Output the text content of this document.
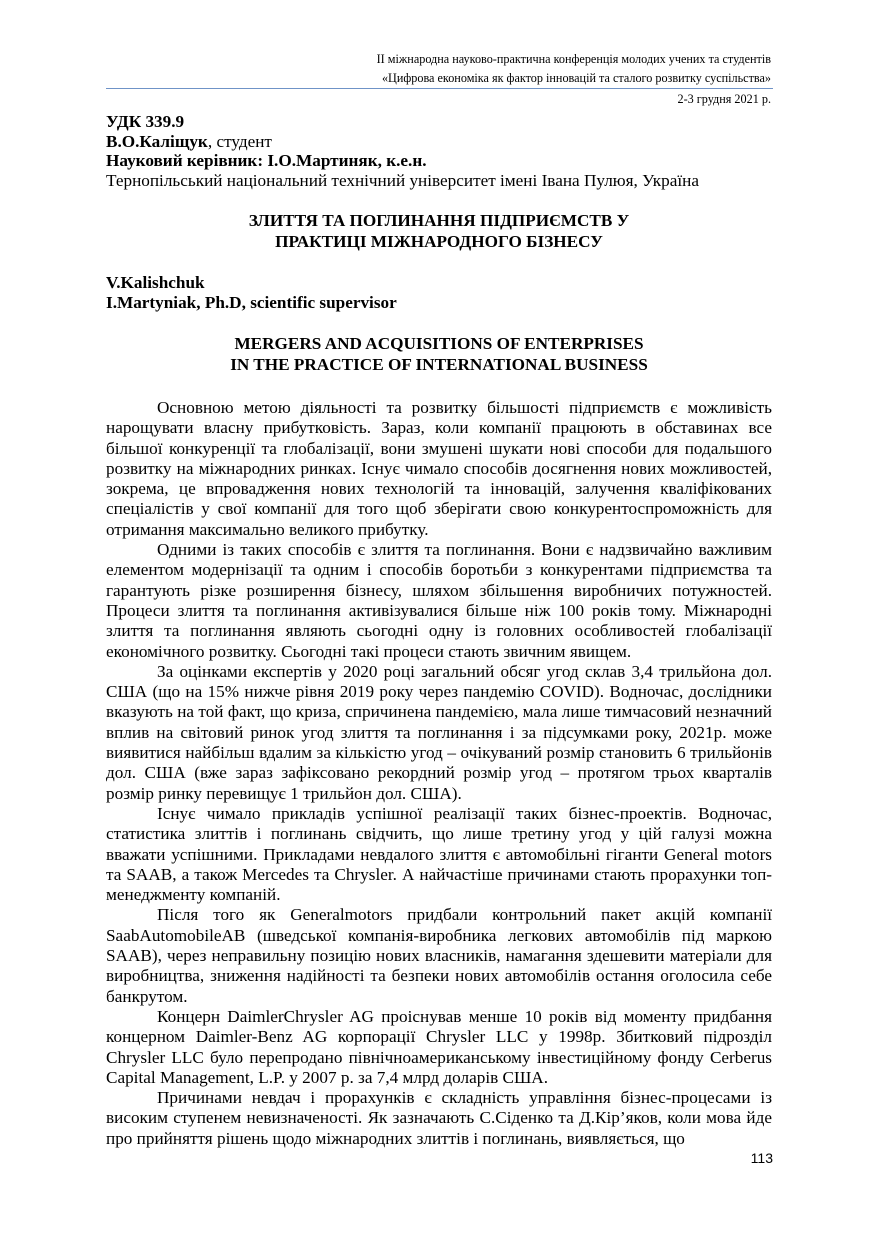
ІІ міжнародна науково-практична конференція молодих учених та студентів
«Цифрова економіка як фактор інновацій та сталого розвитку суспільства»
2-3 грудня 2021 р.
УДК 339.9
В.О.Каліщук, студент
Науковий керівник: І.О.Мартиняк, к.е.н.
Тернопільський національний технічний університет імені Івана Пулюя, Україна
ЗЛИТТЯ ТА ПОГЛИНАННЯ ПІДПРИЄМСТВ У
ПРАКТИЦІ МІЖНАРОДНОГО БІЗНЕСУ
V.Kalishchuk
I.Martyniak, Ph.D, scientific supervisor
MERGERS AND ACQUISITIONS OF ENTERPRISES
IN THE PRACTICE OF INTERNATIONAL BUSINESS

Основною метою діяльності та розвитку більшості підприємств є можливість нарощувати власну прибутковість. Зараз, коли компанії працюють в обставинах все більшої конкуренції та глобалізації, вони змушені шукати нові способи для подальшого розвитку на міжнародних ринках. Існує чимало способів досягнення нових можливостей, зокрема, це впровадження нових технологій та інновацій, залучення кваліфікованих спеціалістів у свої компанії для того щоб зберігати свою конкурентоспроможність для отримання максимально великого прибутку.

Одними із таких способів є злиття та поглинання. Вони є надзвичайно важливим елементом модернізації та одним і способів боротьби з конкурентами підприємства та гарантують різке розширення бізнесу, шляхом збільшення виробничих потужностей. Процеси злиття та поглинання активізувалися більше ніж 100 років тому. Міжнародні злиття та поглинання являють сьогодні одну із головних особливостей глобалізації економічного розвитку. Сьогодні такі процеси стають звичним явищем.

За оцінками експертів у 2020 році загальний обсяг угод склав 3,4 трильйона дол. США (що на 15% нижче рівня 2019 року через пандемію COVID). Водночас, дослідники вказують на той факт, що криза, спричинена пандемією, мала лише тимчасовий незначний вплив на світовий ринок угод злиття та поглинання і за підсумками року, 2021р. може виявитися найбільш вдалим за кількістю угод – очікуваний розмір становить 6 трильйонів дол. США (вже зараз зафіксовано рекордний розмір угод – протягом трьох кварталів розмір ринку перевищує 1 трильйон дол. США).

Існує чимало прикладів успішної реалізації таких бізнес-проектів. Водночас, статистика злиттів і поглинань свідчить, що лише третину угод у цій галузі можна вважати успішними. Прикладами невдалого злиття є автомобільні гіганти General motors та SAAB, а також Mercedes та Chrysler. А найчастіше причинами стають прорахунки топ-менеджменту компаній.

Після того як Generalmotors придбали контрольний пакет акцій компанії SaabAutomobileAB (шведської компанія-виробника легкових автомобілів під маркою SAAB), через неправильну позицію нових власників, намагання здешевити матеріали для виробництва, зниження надійності та безпеки нових автомобілів остання оголосила себе банкрутом.

Концерн DaimlerChrysler AG проіснував менше 10 років від моменту придбання концерном Daimler-Benz AG корпорації Chrysler LLC у 1998р. Збитковий підрозділ Chrysler LLC було перепродано північноамериканському інвестиційному фонду Cerberus Capital Management, L.P. у 2007 р. за 7,4 млрд доларів США.

Причинами невдач і прорахунків є складність управління бізнес-процесами із високим ступенем невизначеності. Як зазначають С.Сіденко та Д.Кір’яков, коли мова йде про прийняття рішень щодо міжнародних злиттів і поглинань, виявляється, що

113
